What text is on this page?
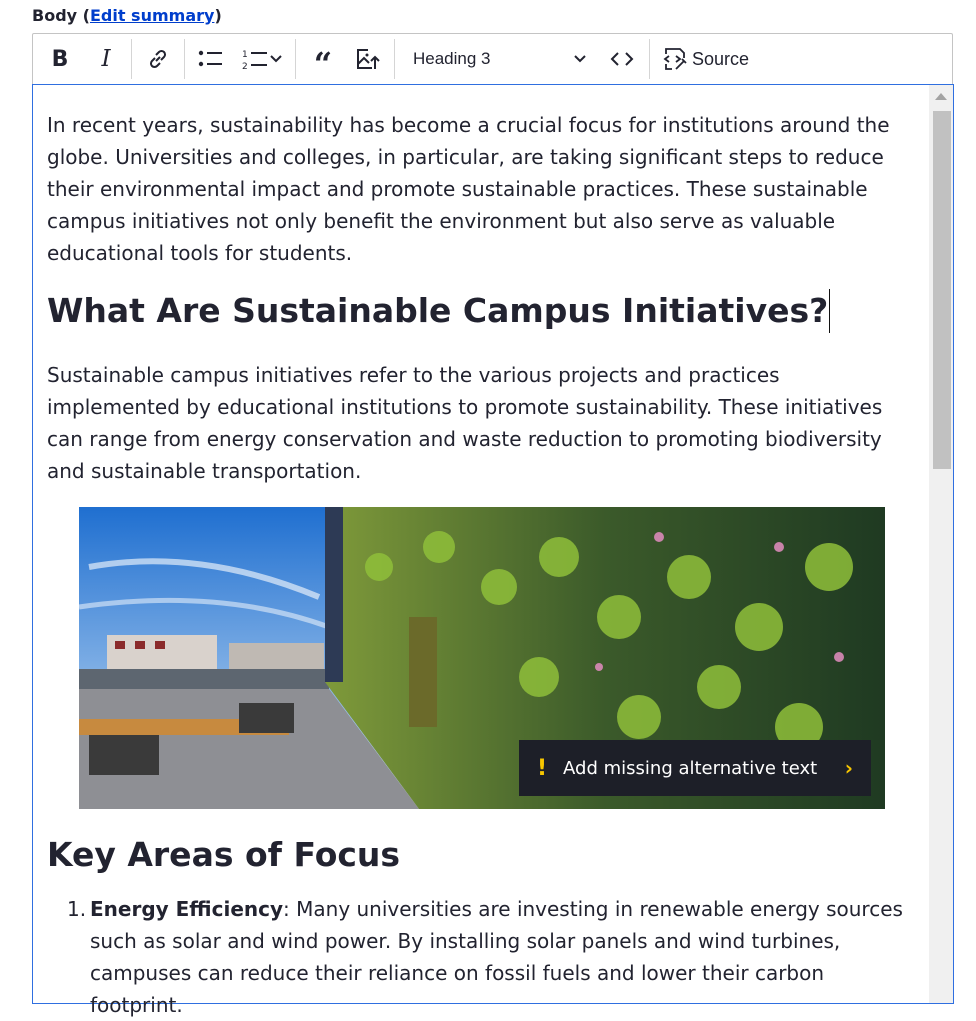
Body (Edit summary)
B I	1
2 “	Heading 3	Source

In recent years, sustainability has become a crucial focus for institutions around the globe. Universities and colleges, in particular, are taking significant steps to reduce their environmental impact and promote sustainable practices. These sustainable campus initiatives not only benefit the environment but also serve as valuable educational tools for students.

What Are Sustainable Campus Initiatives?

Sustainable campus initiatives refer to the various projects and practices implemented by educational institutions to promote sustainability. These initiatives can range from energy conservation and waste reduction to promoting biodiversity and sustainable transportation.

! Add missing alternative text	›
Key Areas of Focus
1. Energy Efficiency: Many universities are investing in renewable energy sources such as solar and wind power. By installing solar panels and wind turbines, campuses can reduce their reliance on fossil fuels and lower their carbon footprint.
